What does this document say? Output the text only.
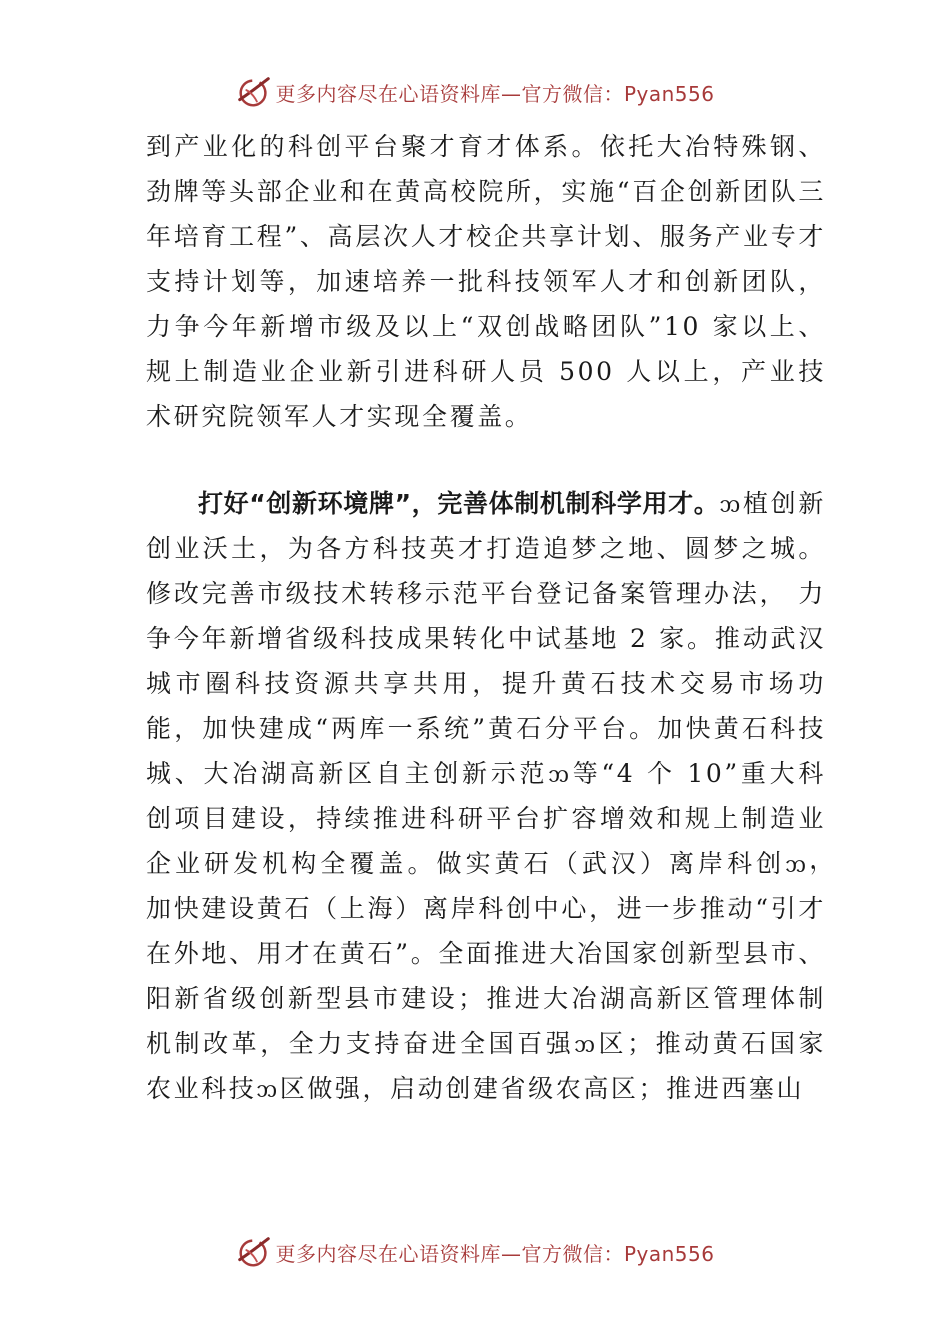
更多内容尽在心语资料库—官方微信：Pyan556

到产业化的科创平台聚才育才体系。依托大冶特殊钢、劲牌等头部企业和在黄高校院所，实施“百企创新团队三年培育工程”、高层次人才校企共享计划、服务产业专才支持计划等，加速培养一批科技领军人才和创新团队， 力争今年新增市级及以上“双创战略团队”10 家以上、规上制造业企业新引进科研人员 500 人以上，产业技术研究院领军人才实现全覆盖。

打好“创新环境牌”，完善体制机制科学用才。ᦘ植创新创业沃土，为各方科技英才打造追梦之地、圆梦之城。修改完善市级技术转移示范平台登记备案管理办法， 力争今年新增省级科技成果转化中试基地 2 家。推动武汉城市圈科技资源共享共用，提升黄石技术交易市场功能，加快建成“两库一系统”黄石分平台。加快黄石科技城、大冶湖高新区自主创新示范ᦘ等“4 个 10”重大科创项目建设，持续推进科研平台扩容增效和规上制造业企业研发机构全覆盖。做实黄石（武汉）离岸科创ᦘ， 加快建设黄石（上海）离岸科创中心，进一步推动“引才在外地、用才在黄石”。全面推进大冶国家创新型县市、阳新省级创新型县市建设；推进大冶湖高新区管理体制机制改革，全力支持奋进全国百强ᦘ区；推动黄石国家农业科技ᦘ区做强，启动创建省级农高区；推进西塞山

更多内容尽在心语资料库—官方微信：Pyan556
